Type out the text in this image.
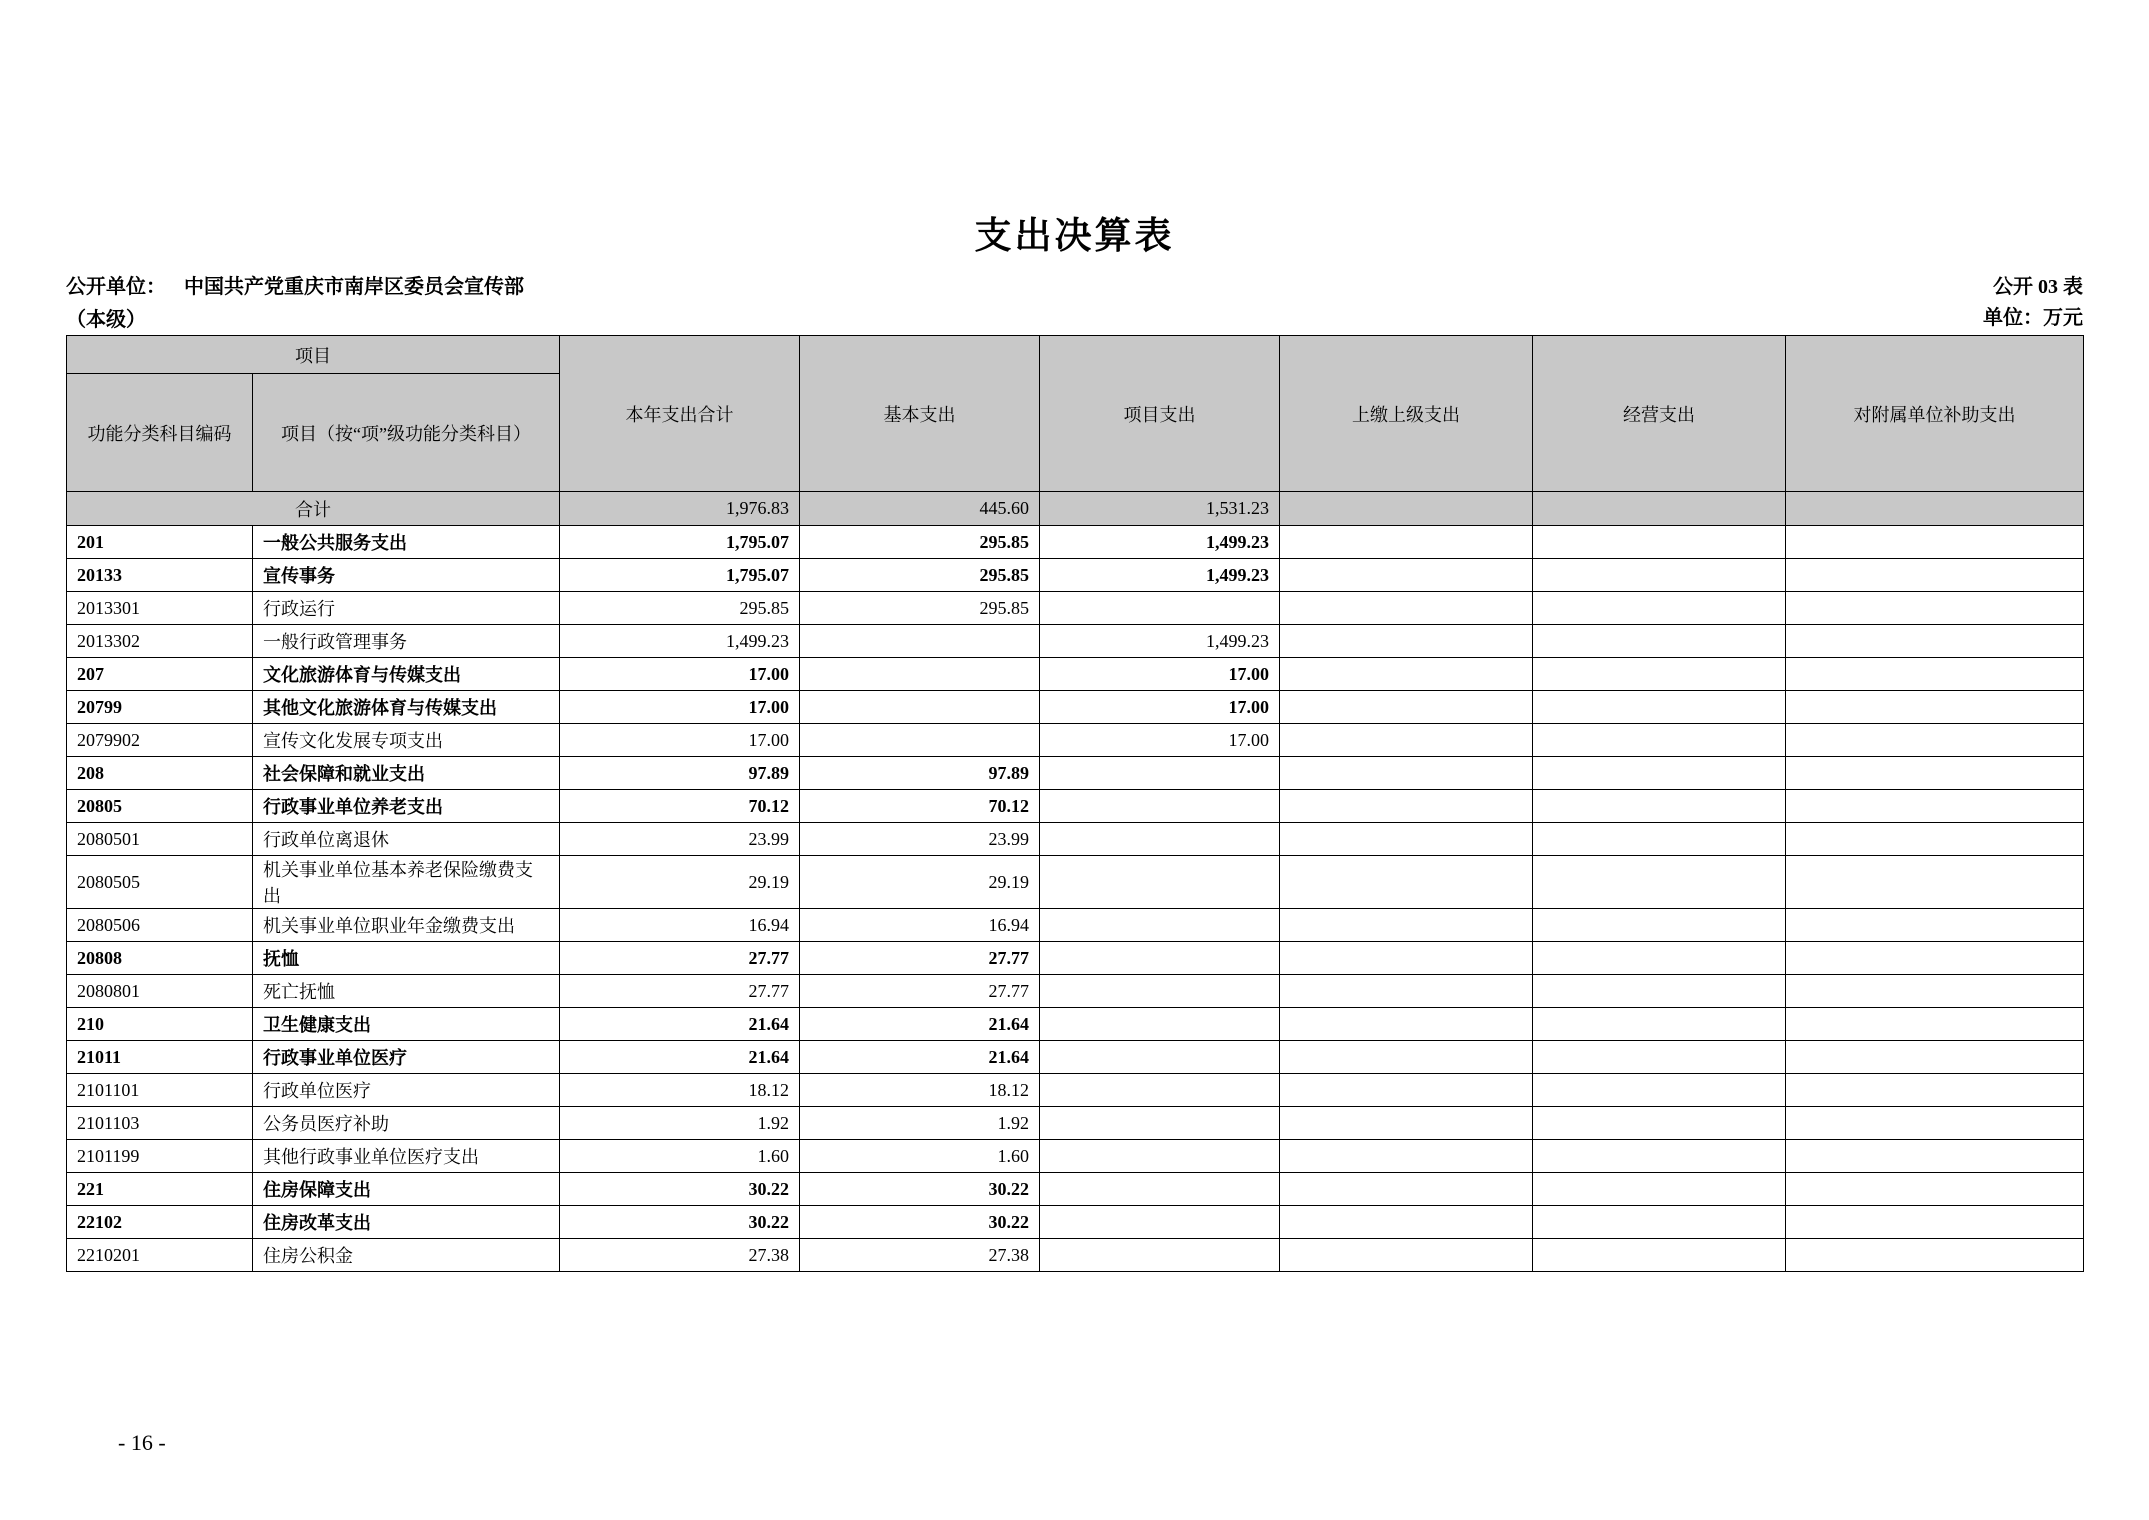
支出决算表
公开单位： 中国共产党重庆市南岸区委员会宣传部
（本级）
公开 03 表
单位：万元
项目		本年支出合计	基本支出	项目支出	上缴上级支出	经营支出	对附属单位补助支出
功能分类科目编码	项目（按“项”级功能分类科目）						
合计		1,976.83	445.60	1,531.23			
201	一般公共服务支出	1,795.07	295.85	1,499.23			
20133	宣传事务	1,795.07	295.85	1,499.23			
2013301	行政运行	295.85	295.85				
2013302	一般行政管理事务	1,499.23		1,499.23			
207	文化旅游体育与传媒支出	17.00		17.00			
20799	其他文化旅游体育与传媒支出	17.00		17.00			
2079902	宣传文化发展专项支出	17.00		17.00			
208	社会保障和就业支出	97.89	97.89				
20805	行政事业单位养老支出	70.12	70.12				
2080501	行政单位离退休	23.99	23.99				
2080505	机关事业单位基本养老保险缴费支出	29.19	29.19				
2080506	机关事业单位职业年金缴费支出	16.94	16.94				
20808	抚恤	27.77	27.77				
2080801	死亡抚恤	27.77	27.77				
210	卫生健康支出	21.64	21.64				
21011	行政事业单位医疗	21.64	21.64				
2101101	行政单位医疗	18.12	18.12				
2101103	公务员医疗补助	1.92	1.92				
2101199	其他行政事业单位医疗支出	1.60	1.60				
221	住房保障支出	30.22	30.22				
22102	住房改革支出	30.22	30.22				
2210201	住房公积金	27.38	27.38				
- 16 -
